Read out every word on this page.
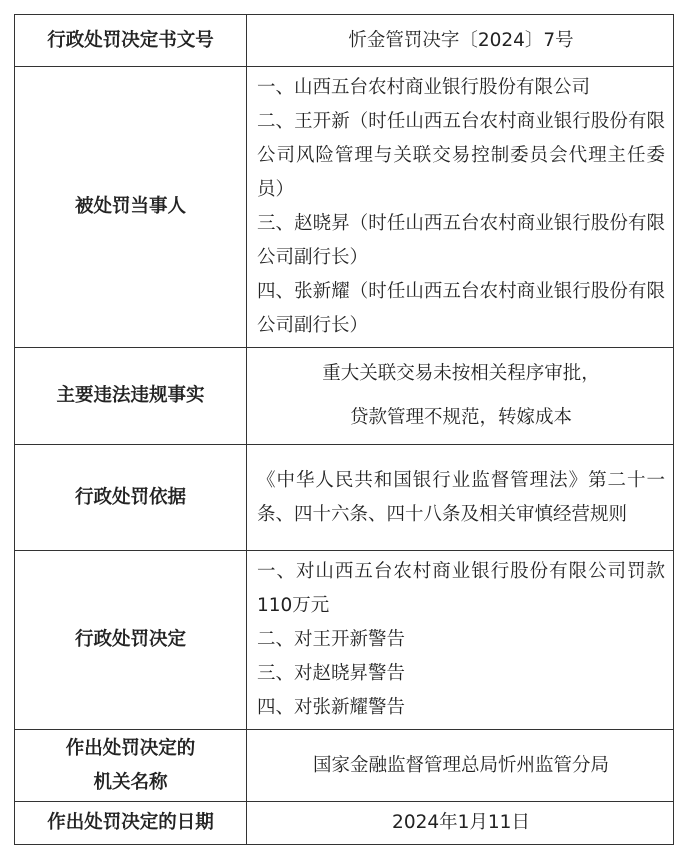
行政处罚决定书文号	忻金管罚决字〔2024〕7号
被处罚当事人	一、山西五台农村商业银行股份有限公司
二、王开新（时任山西五台农村商业银行股份有限公司风险管理与关联交易控制委员会代理主任委员）
三、赵晓昇（时任山西五台农村商业银行股份有限公司副行长）
四、张新耀（时任山西五台农村商业银行股份有限公司副行长）

主要违法违规事实	重大关联交易未按相关程序审批，
贷款管理不规范，转嫁成本

行政处罚依据	《中华人民共和国银行业监督管理法》第二十一条、四十六条、四十八条及相关审慎经营规则

行政处罚决定	一、对山西五台农村商业银行股份有限公司罚款110万元
二、对王开新警告
三、对赵晓昇警告
四、对张新耀警告

作出处罚决定的
机关名称	国家金融监督管理总局忻州监管分局
作出处罚决定的日期	2024年1月11日
